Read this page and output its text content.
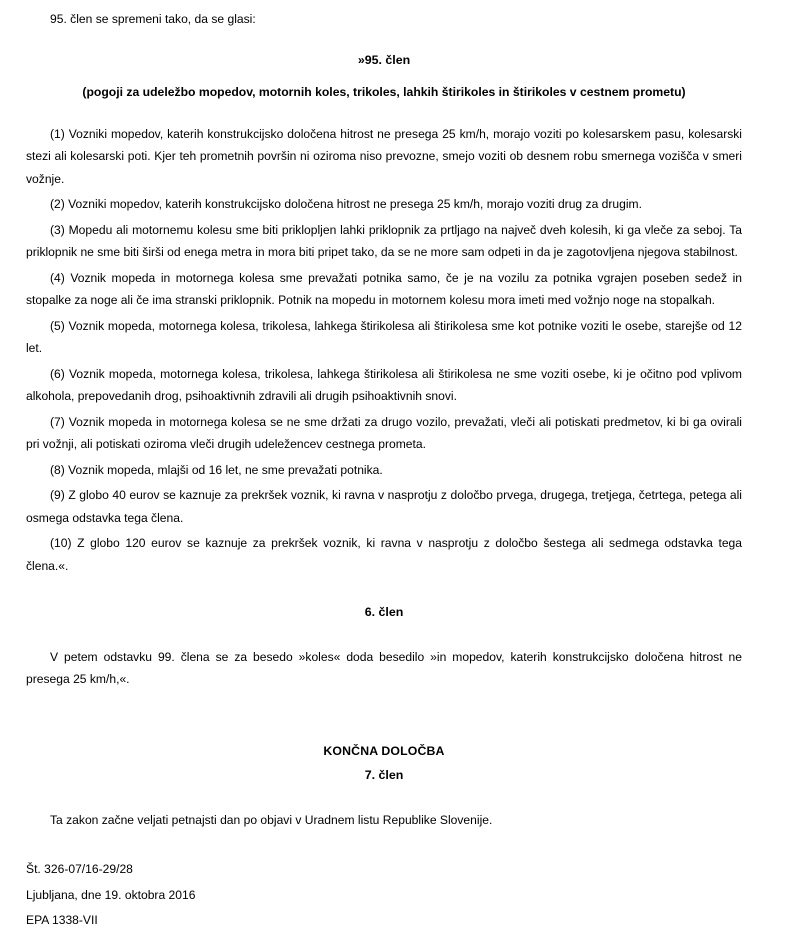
95. člen se spremeni tako, da se glasi:

»95. člen
(pogoji za udeležbo mopedov, motornih koles, trikoles, lahkih štirikoles in štirikoles v cestnem prometu)

(1) Vozniki mopedov, katerih konstrukcijsko določena hitrost ne presega 25 km/h, morajo voziti po kolesarskem pasu, kolesarski stezi ali kolesarski poti. Kjer teh prometnih površin ni oziroma niso prevozne, smejo voziti ob desnem robu smernega vozišča v smeri vožnje.

(2) Vozniki mopedov, katerih konstrukcijsko določena hitrost ne presega 25 km/h, morajo voziti drug za drugim.

(3) Mopedu ali motornemu kolesu sme biti priklopljen lahki priklopnik za prtljago na največ dveh kolesih, ki ga vleče za seboj. Ta priklopnik ne sme biti širši od enega metra in mora biti pripet tako, da se ne more sam odpeti in da je zagotovljena njegova stabilnost.

(4) Voznik mopeda in motornega kolesa sme prevažati potnika samo, če je na vozilu za potnika vgrajen poseben sedež in stopalke za noge ali če ima stranski priklopnik. Potnik na mopedu in motornem kolesu mora imeti med vožnjo noge na stopalkah.

(5) Voznik mopeda, motornega kolesa, trikolesa, lahkega štirikolesa ali štirikolesa sme kot potnike voziti le osebe, starejše od 12 let.

(6) Voznik mopeda, motornega kolesa, trikolesa, lahkega štirikolesa ali štirikolesa ne sme voziti osebe, ki je očitno pod vplivom alkohola, prepovedanih drog, psihoaktivnih zdravili ali drugih psihoaktivnih snovi.

(7) Voznik mopeda in motornega kolesa se ne sme držati za drugo vozilo, prevažati, vleči ali potiskati predmetov, ki bi ga ovirali pri vožnji, ali potiskati oziroma vleči drugih udeležencev cestnega prometa.

(8) Voznik mopeda, mlajši od 16 let, ne sme prevažati potnika.

(9) Z globo 40 eurov se kaznuje za prekršek voznik, ki ravna v nasprotju z določbo prvega, drugega, tretjega, četrtega, petega ali osmega odstavka tega člena.

(10) Z globo 120 eurov se kaznuje za prekršek voznik, ki ravna v nasprotju z določbo šestega ali sedmega odstavka tega člena.«.

6. člen

V petem odstavku 99. člena se za besedo »koles« doda besedilo »in mopedov, katerih konstrukcijsko določena hitrost ne presega 25 km/h,«.

KONČNA DOLOČBA
7. člen

Ta zakon začne veljati petnajsti dan po objavi v Uradnem listu Republike Slovenije.

Št. 326-07/16-29/28

Ljubljana, dne 19. oktobra 2016

EPA 1338-VII
